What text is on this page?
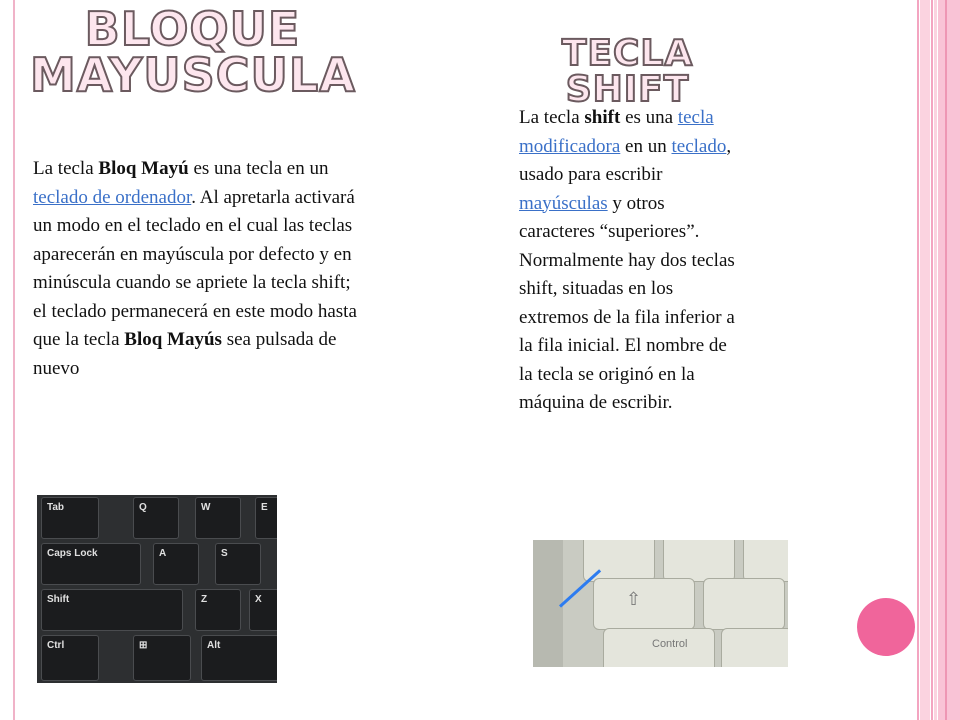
BLOQUE
MAYUSCULA	TECLA SHIFT

La tecla Bloq Mayú es una tecla en un teclado de ordenador. Al apretarla activará un modo en el teclado en el cual las teclas aparecerán en mayúscula por defecto y en minúscula cuando se apriete la tecla shift; el teclado permanecerá en este modo hasta que la tecla Bloq Mayús sea pulsada de nuevo

La tecla shift es una tecla modificadora en un teclado, usado para escribir mayúsculas y otros caracteres “superiores”. Normalmente hay dos teclas shift, situadas en los extremos de la fila inferior a la fila inicial. El nombre de la tecla se originó en la máquina de escribir.

Tab	Q	W	E
Caps Lock	A	S
Shift	Z	X
Ctrl	⊞	Alt
⇧
Control
